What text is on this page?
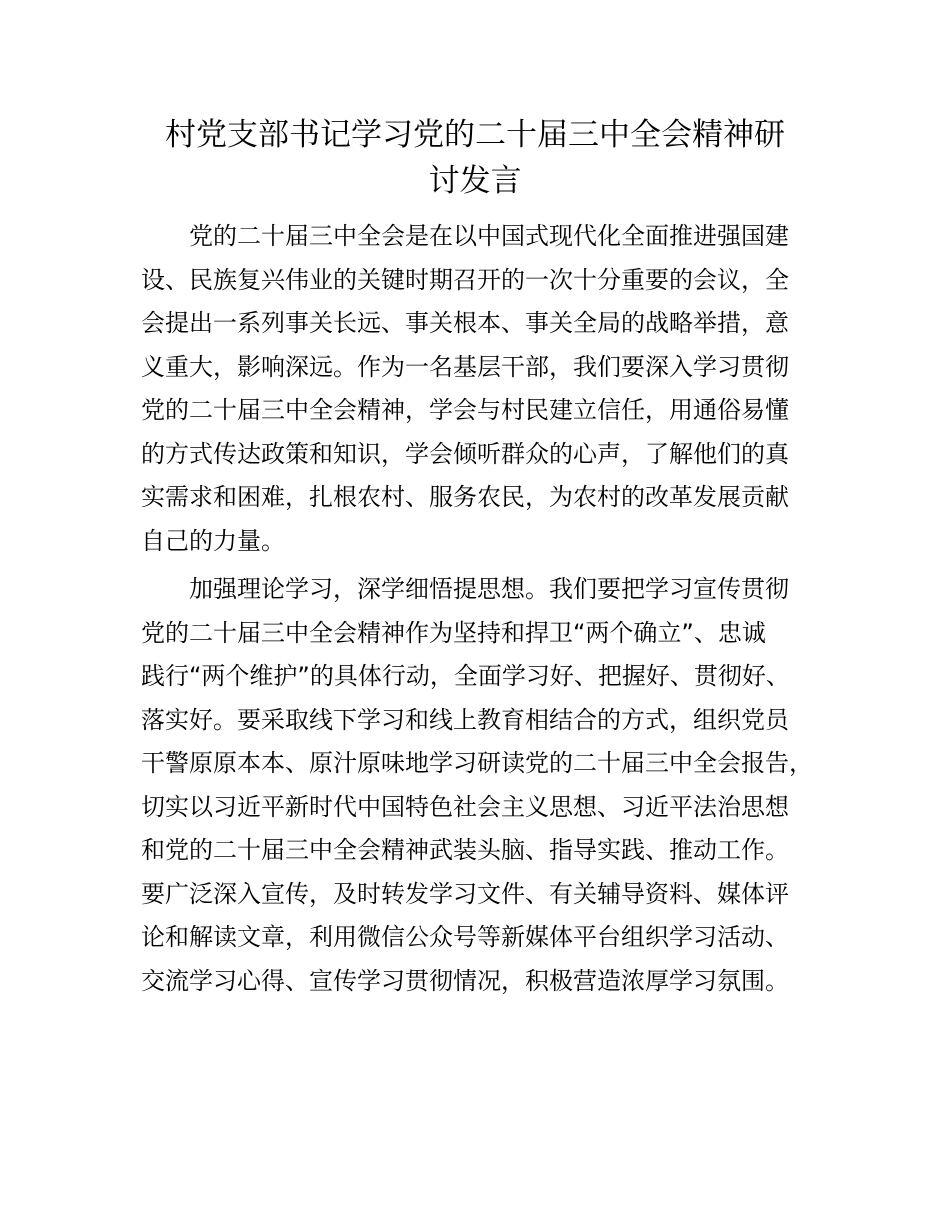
村党支部书记学习党的二十届三中全会精神研
讨发言
党的二十届三中全会是在以中国式现代化全面推进强国建
设、民族复兴伟业的关键时期召开的一次十分重要的会议，全
会提出一系列事关长远、事关根本、事关全局的战略举措，意
义重大，影响深远。作为一名基层干部，我们要深入学习贯彻
党的二十届三中全会精神，学会与村民建立信任，用通俗易懂
的方式传达政策和知识，学会倾听群众的心声，了解他们的真
实需求和困难，扎根农村、服务农民，为农村的改革发展贡献
自己的力量。
加强理论学习，深学细悟提思想。我们要把学习宣传贯彻
党的二十届三中全会精神作为坚持和捍卫“两个确立”、忠诚
践行“两个维护”的具体行动，全面学习好、把握好、贯彻好、
落实好。要采取线下学习和线上教育相结合的方式，组织党员
干警原原本本、原汁原味地学习研读党的二十届三中全会报告，
切实以习近平新时代中国特色社会主义思想、习近平法治思想
和党的二十届三中全会精神武装头脑、指导实践、推动工作。
要广泛深入宣传，及时转发学习文件、有关辅导资料、媒体评
论和解读文章，利用微信公众号等新媒体平台组织学习活动、
交流学习心得、宣传学习贯彻情况，积极营造浓厚学习氛围。
